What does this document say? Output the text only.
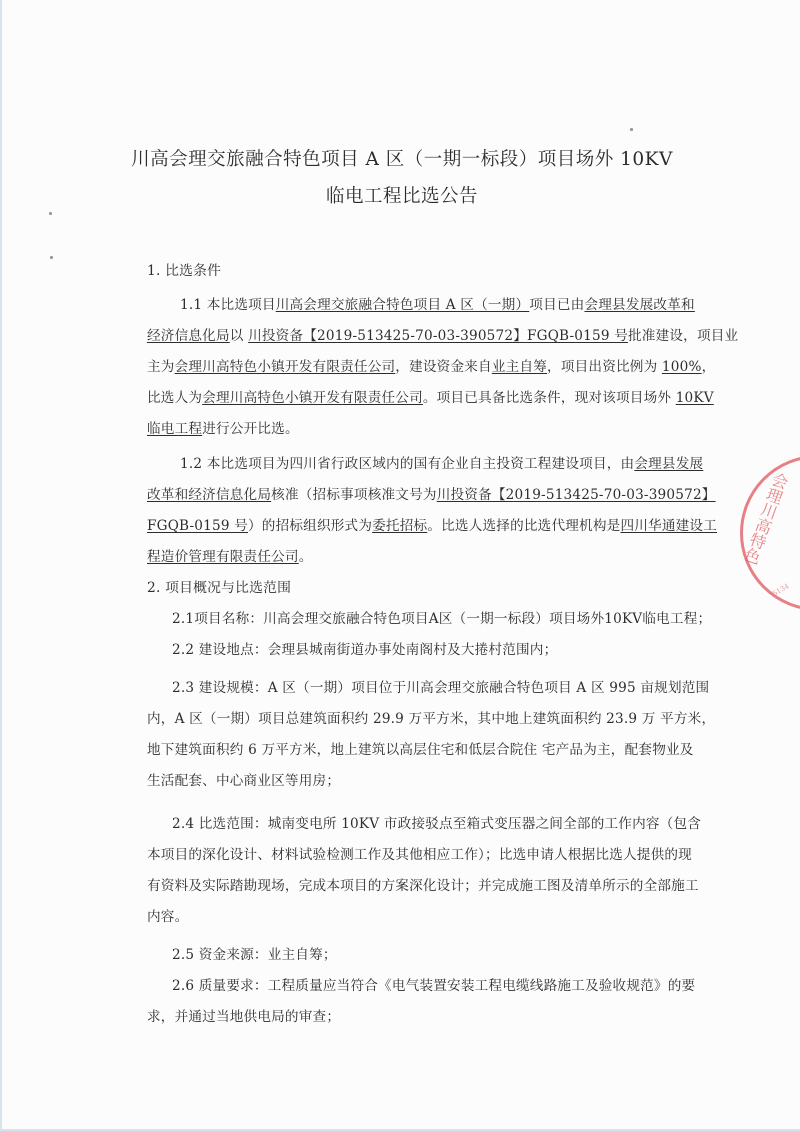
川高会理交旅融合特色项目 A 区（一期一标段）项目场外 10KV
临电工程比选公告
1. 比选条件
1.1 本比选项目川高会理交旅融合特色项目 A 区（一期）项目已由会理县发展改革和
经济信息化局以 川投资备【2019-513425-70-03-390572】FGQB-0159 号批准建设，项目业
主为会理川高特色小镇开发有限责任公司，建设资金来自业主自筹，项目出资比例为 100%，
比选人为会理川高特色小镇开发有限责任公司。项目已具备比选条件，现对该项目场外 10KV
临电工程进行公开比选。
1.2 本比选项目为四川省行政区域内的国有企业自主投资工程建设项目，由会理县发展
改革和经济信息化局核准（招标事项核准文号为川投资备【2019-513425-70-03-390572】
FGQB-0159 号）的招标组织形式为委托招标。比选人选择的比选代理机构是四川华通建设工
程造价管理有限责任公司。
2. 项目概况与比选范围
2.1项目名称：川高会理交旅融合特色项目A区（一期一标段）项目场外10KV临电工程；
2.2 建设地点：会理县城南街道办事处南阁村及大捲村范围内；
2.3 建设规模：A 区（一期）项目位于川高会理交旅融合特色项目 A 区 995 亩规划范围
内，A 区（一期）项目总建筑面积约 29.9 万平方米，其中地上建筑面积约 23.9 万 平方米，
地下建筑面积约 6 万平方米，地上建筑以高层住宅和低层合院住 宅产品为主，配套物业及
生活配套、中心商业区等用房；
2.4 比选范围：城南变电所 10KV 市政接驳点至箱式变压器之间全部的工作内容（包含
本项目的深化设计、材料试验检测工作及其他相应工作）；比选申请人根据比选人提供的现
有资料及实际踏勘现场，完成本项目的方案深化设计；并完成施工图及清单所示的全部施工
内容。
2.5 资金来源：业主自筹；
2.6 质量要求：工程质量应当符合《电气装置安装工程电缆线路施工及验收规范》的要
求，并通过当地供电局的审查；
会理川高特色
5134
